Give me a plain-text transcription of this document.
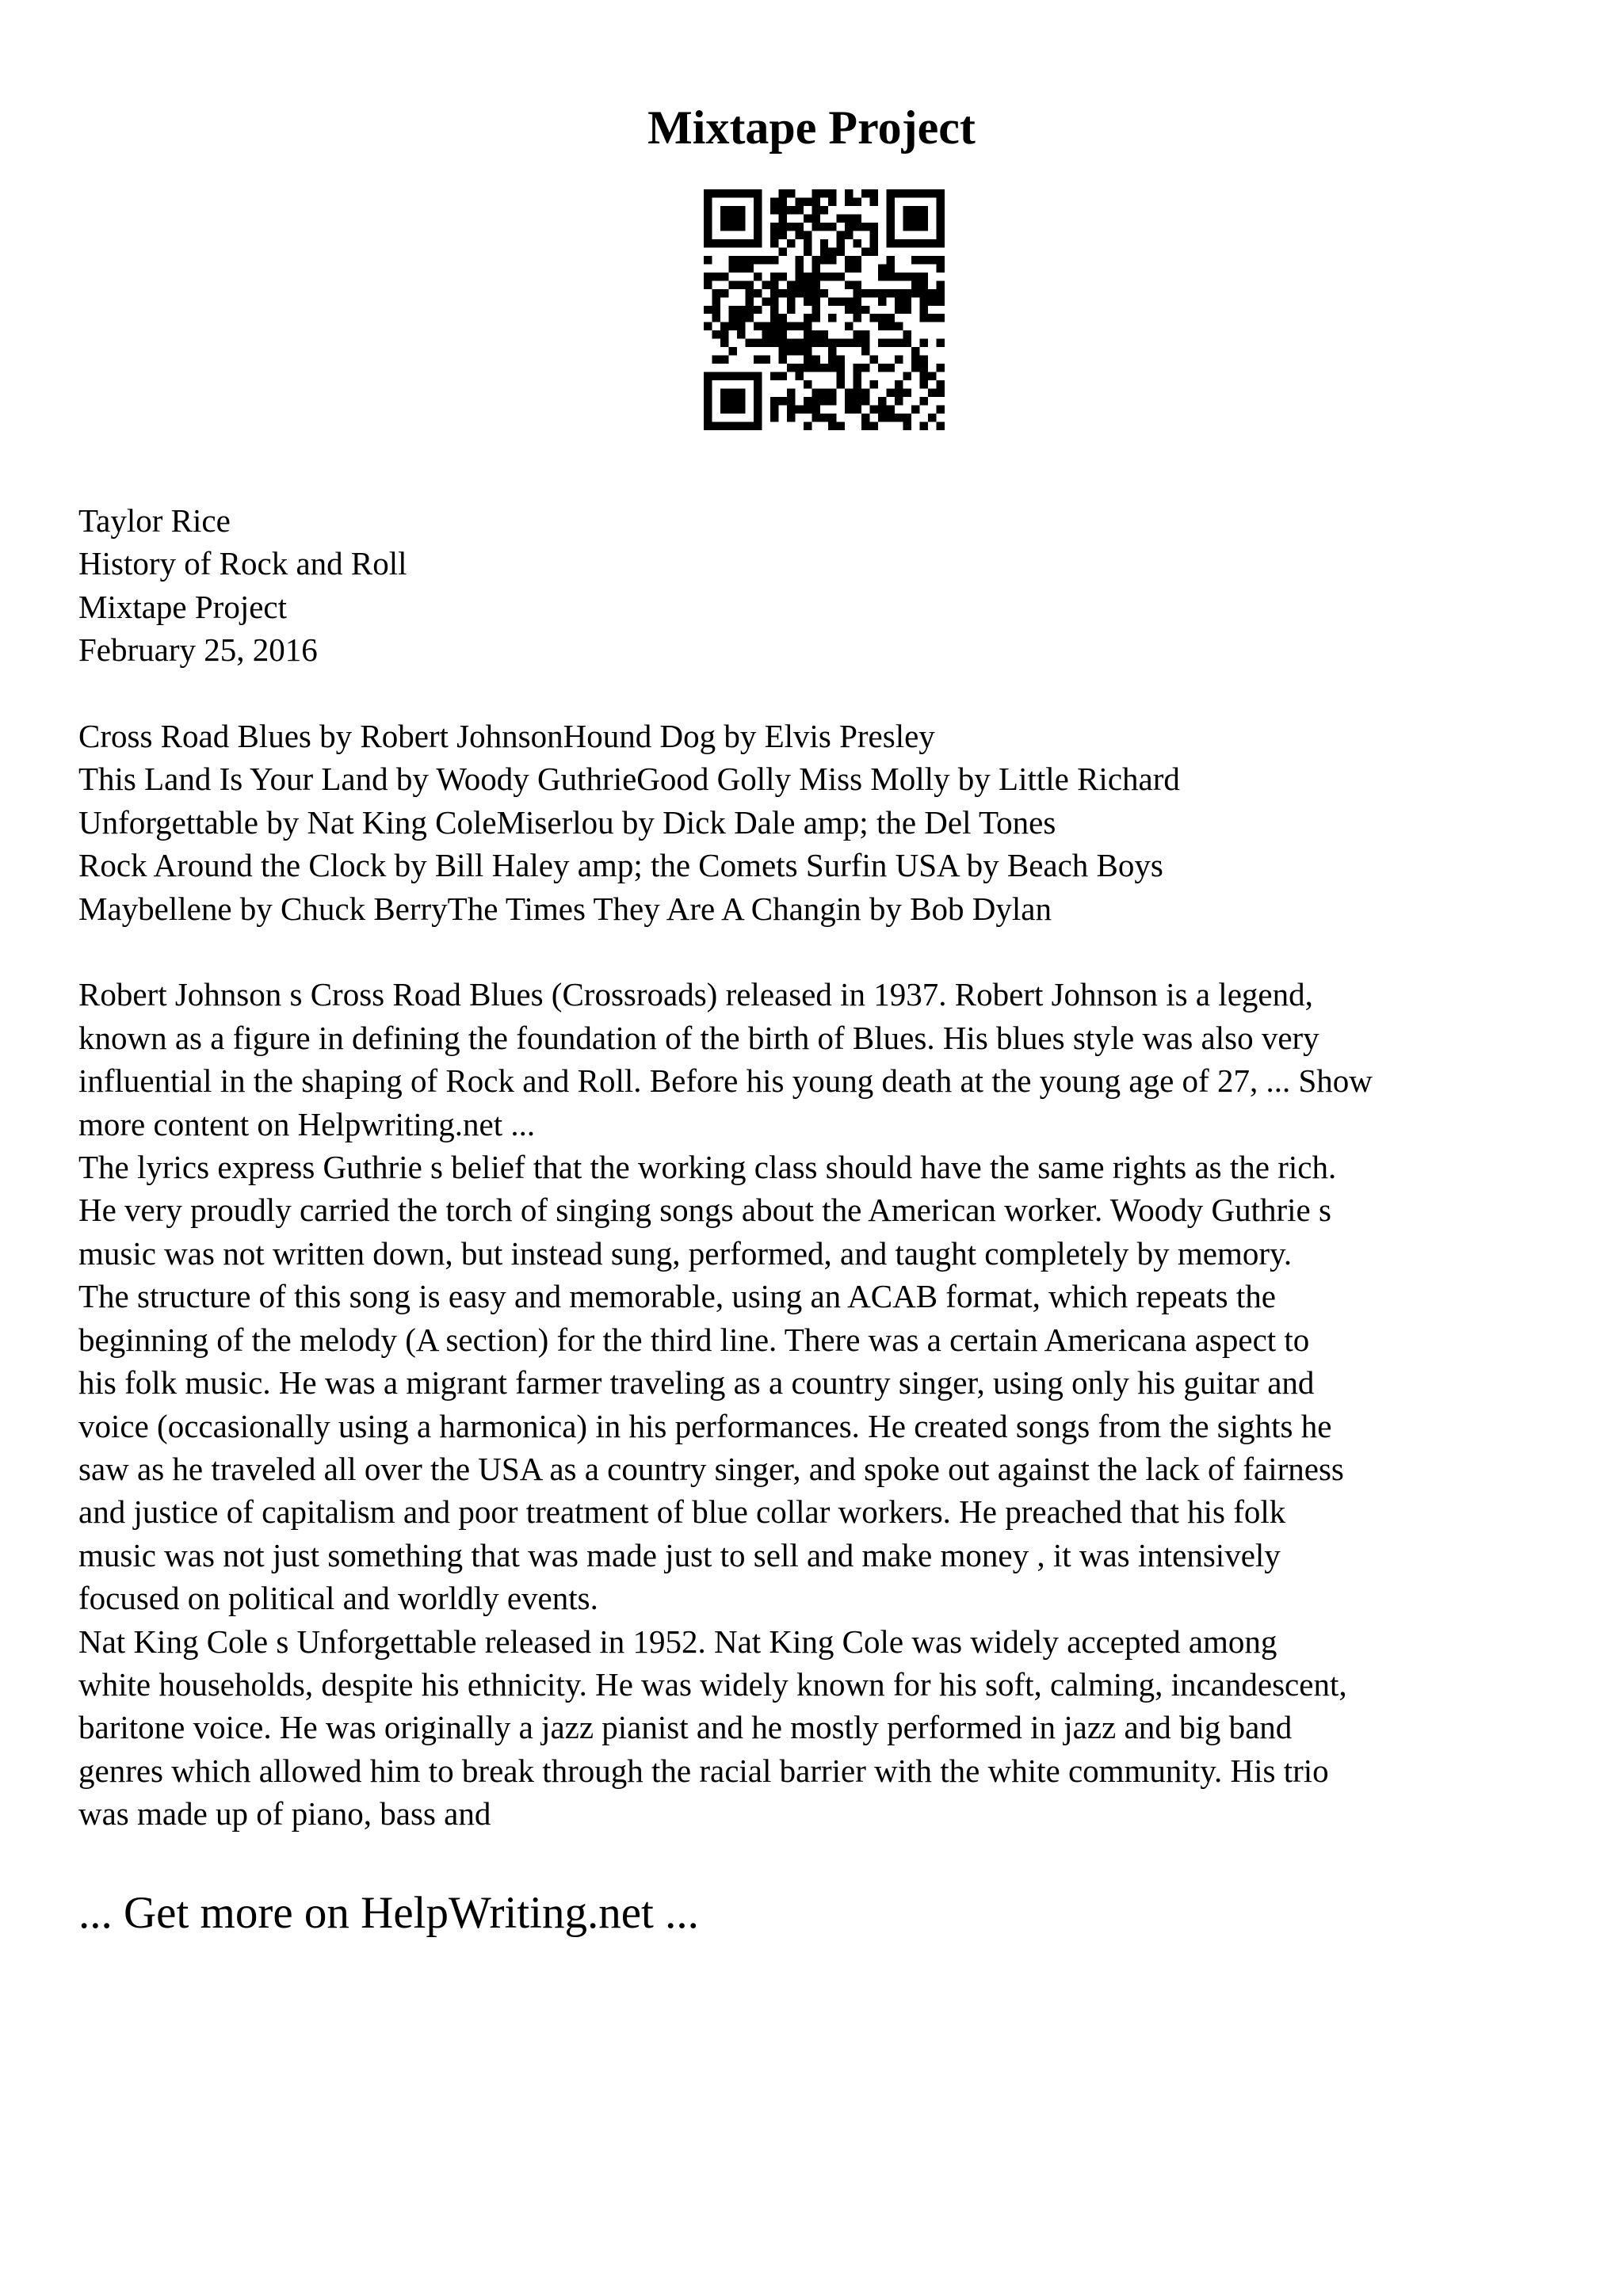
Mixtape Project
Taylor Rice
History of Rock and Roll
Mixtape Project
February 25, 2016
Cross Road Blues by Robert JohnsonHound Dog by Elvis Presley
This Land Is Your Land by Woody GuthrieGood Golly Miss Molly by Little Richard
Unforgettable by Nat King ColeMiserlou by Dick Dale amp; the Del Tones
Rock Around the Clock by Bill Haley amp; the Comets Surfin USA by Beach Boys
Maybellene by Chuck BerryThe Times They Are A Changin by Bob Dylan
Robert Johnson s Cross Road Blues (Crossroads) released in 1937. Robert Johnson is a legend,
known as a figure in defining the foundation of the birth of Blues. His blues style was also very
influential in the shaping of Rock and Roll. Before his young death at the young age of 27, ... Show
more content on Helpwriting.net ...
The lyrics express Guthrie s belief that the working class should have the same rights as the rich.
He very proudly carried the torch of singing songs about the American worker. Woody Guthrie s
music was not written down, but instead sung, performed, and taught completely by memory.
The structure of this song is easy and memorable, using an ACAB format, which repeats the
beginning of the melody (A section) for the third line. There was a certain Americana aspect to
his folk music. He was a migrant farmer traveling as a country singer, using only his guitar and
voice (occasionally using a harmonica) in his performances. He created songs from the sights he
saw as he traveled all over the USA as a country singer, and spoke out against the lack of fairness
and justice of capitalism and poor treatment of blue collar workers. He preached that his folk
music was not just something that was made just to sell and make money , it was intensively
focused on political and worldly events.
Nat King Cole s Unforgettable released in 1952. Nat King Cole was widely accepted among
white households, despite his ethnicity. He was widely known for his soft, calming, incandescent,
baritone voice. He was originally a jazz pianist and he mostly performed in jazz and big band
genres which allowed him to break through the racial barrier with the white community. His trio
was made up of piano, bass and

... Get more on HelpWriting.net ...
